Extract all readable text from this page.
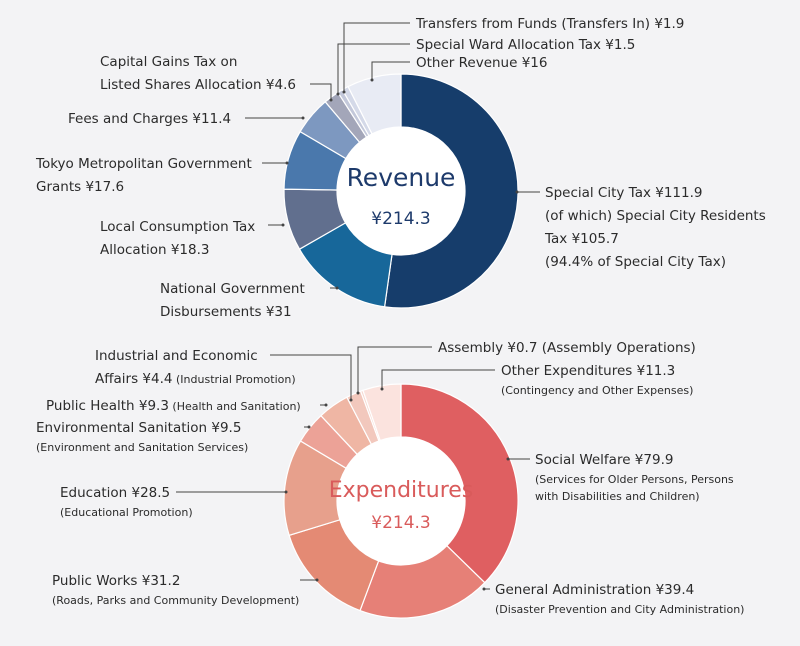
Revenue
¥214.3
Special City Tax ¥111.9
(of which) Special City Residents
Tax ¥105.7
(94.4% of Special City Tax)
National Government
Disbursements ¥31
Local Consumption Tax
Allocation ¥18.3
Tokyo Metropolitan Government
Grants ¥17.6
Fees and Charges ¥11.4
Capital Gains Tax on
Listed Shares Allocation ¥4.6
Special Ward Allocation Tax ¥1.5
Transfers from Funds (Transfers In) ¥1.9
Other Revenue ¥16
Expenditures
¥214.3
Social Welfare ¥79.9
(Services for Older Persons, Persons
with Disabilities and Children)
General Administration ¥39.4
(Disaster Prevention and City Administration)
Public Works ¥31.2
(Roads, Parks and Community Development)
Education ¥28.5
(Educational Promotion)
Environmental Sanitation ¥9.5
(Environment and Sanitation Services)
Public Health ¥9.3 (Health and Sanitation)
Industrial and Economic
Affairs ¥4.4 (Industrial Promotion)
Assembly ¥0.7 (Assembly Operations)
Other Expenditures ¥11.3
(Contingency and Other Expenses)
